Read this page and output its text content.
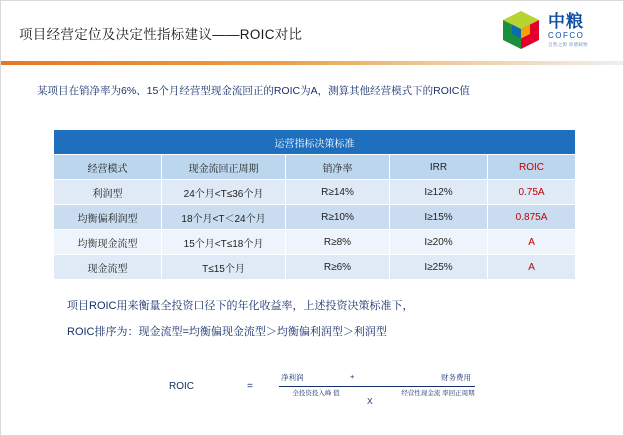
项目经营定位及决定性指标建议——ROIC对比
中粮
COFCO
自然之源 厚德载物
某项目在销净率为6%、15个月经营型现金流回正的ROIC为A，测算其他经营模式下的ROIC值
运营指标决策标准				
经营模式	现金流回正周期	销净率	IRR	ROIC
利润型	24个月<T≤36个月	R≥14%	I≥12%	0.75A
均衡偏利润型	18个月<T＜24个月	R≥10%	I≥15%	0.875A
均衡现金流型	15个月<T≤18个月	R≥8%	I≥20%	A
现金流型	T≤15个月	R≥6%	I≥25%	A
项目ROIC用来衡量全投资口径下的年化收益率，上述投资决策标准下，
ROIC排序为：现金流型=均衡偏现金流型＞均衡偏利润型＞利润型
ROIC	=
净利润	+	财务费用
全投资投入峰 值	经营性现金流 率回正周期
X
